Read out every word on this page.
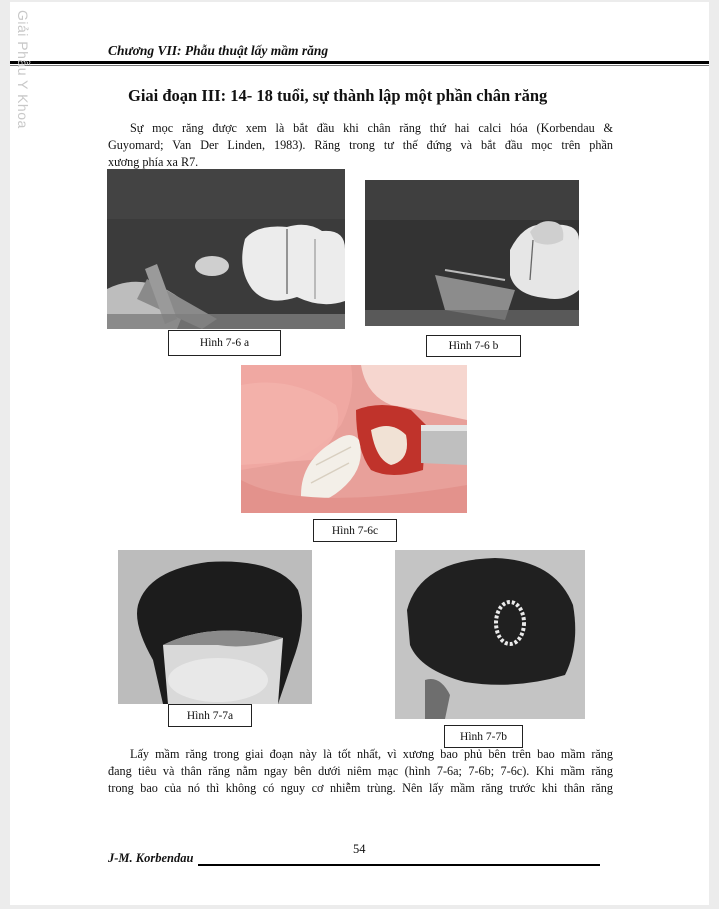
Giải Phẫu Y Khoa	Chương VII: Phẫu thuật lấy mầm răng
Giai đoạn III: 14- 18 tuổi, sự thành lập một phần chân răng
Sự mọc răng được xem là bắt đầu khi chân răng thứ hai calci hóa (Korbendau &
Guyomard; Van Der Linden, 1983). Răng trong tư thế đứng và bắt đầu mọc trên phần
xương phía xa R7.
Hình 7-6 a	Hình 7-6 b
Hình 7-6c
Hình 7-7a
Hình 7-7b
Lấy mầm răng trong giai đoạn này là tốt nhất, vì xương bao phủ bên trên bao mầm răng
đang tiêu và thân răng nằm ngay bên dưới niêm mạc (hình 7-6a; 7-6b; 7-6c). Khi mầm răng
trong bao của nó thì không có nguy cơ nhiễm trùng. Nên lấy mầm răng trước khi thân răng
54
J-M. Korbendau
